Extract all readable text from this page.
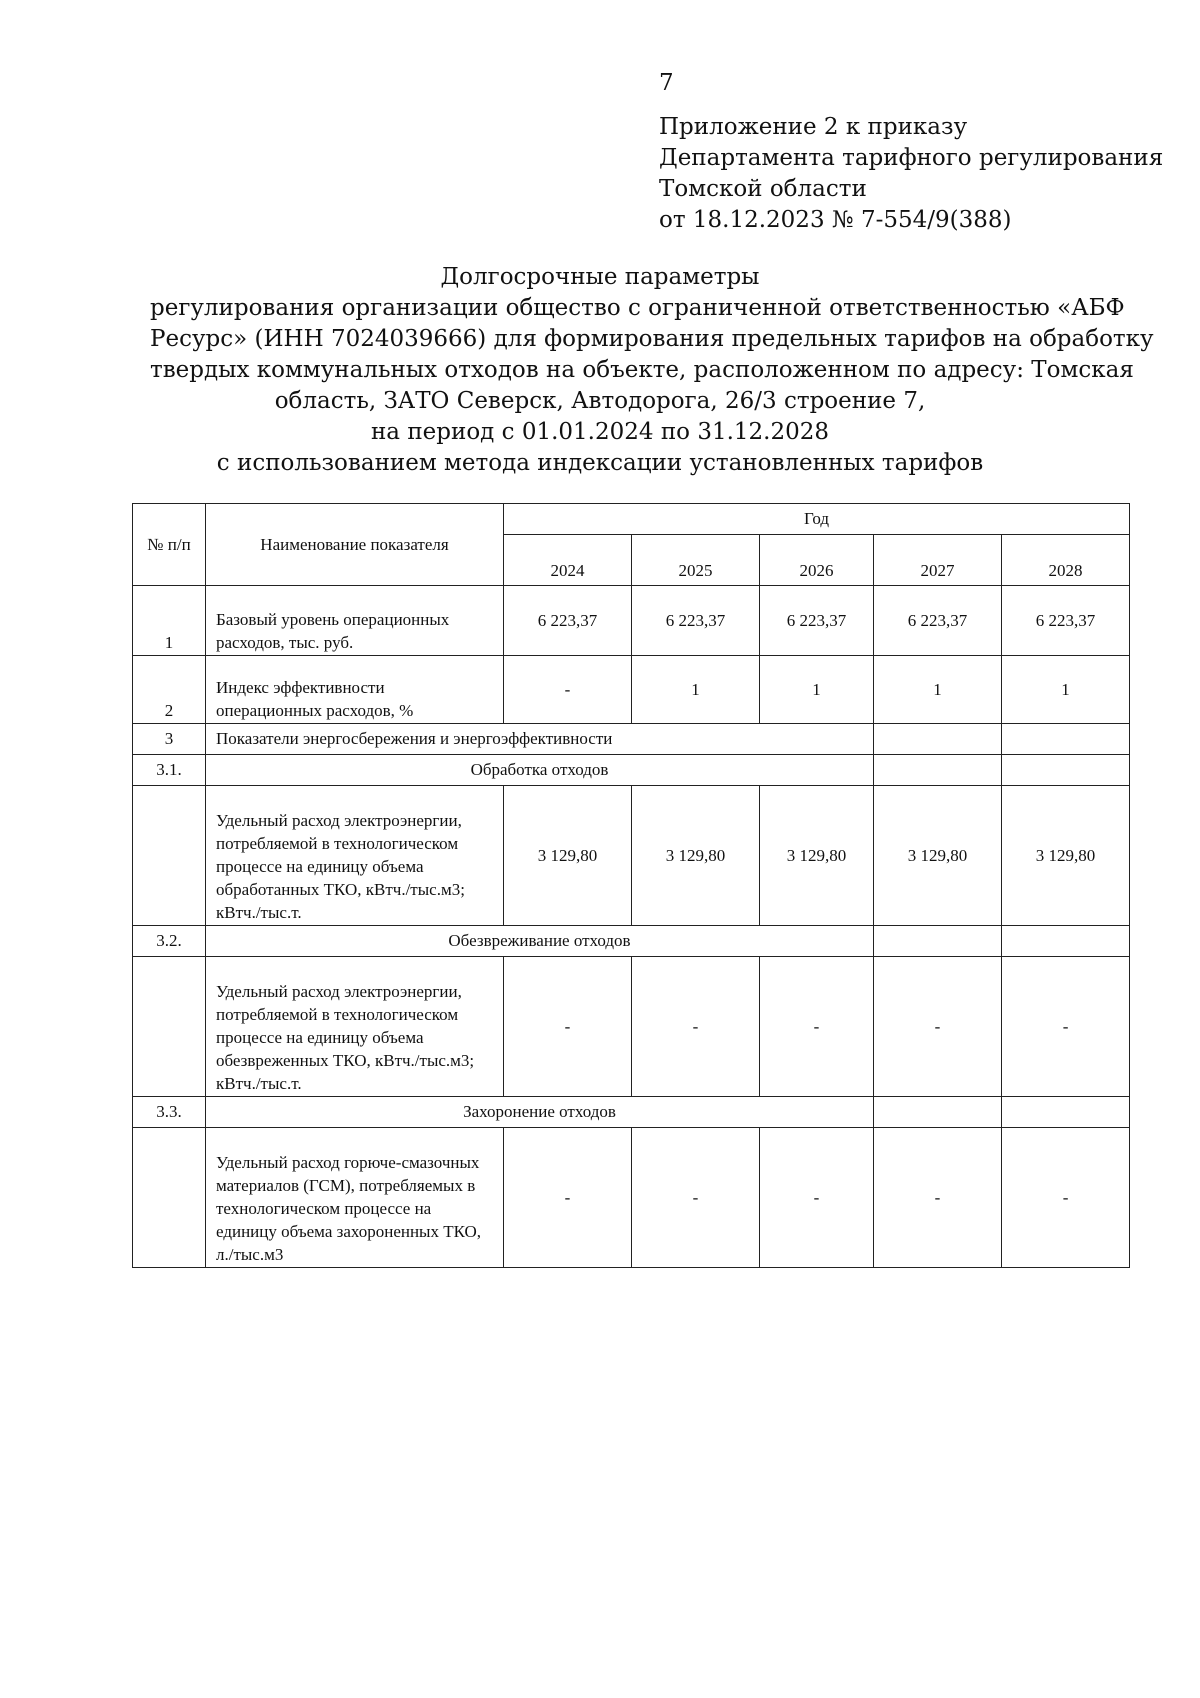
7
Приложение 2 к приказу
Департамента тарифного регулирования
Томской области
от 18.12.2023 № 7-554/9(388)
Долгосрочные параметры
регулирования организации общество с ограниченной ответственностью «АБФ
Ресурс» (ИНН 7024039666) для формирования предельных тарифов на обработку
твердых коммунальных отходов на объекте, расположенном по адресу: Томская
область, ЗАТО Северск, Автодорога, 26/3 строение 7,
на период с 01.01.2024 по 31.12.2028
с использованием метода индексации установленных тарифов
№ п/п	Наименование показателя	Год				
		2024	2025	2026	2027	2028
1	Базовый уровень операционных расходов, тыс. руб.	6 223,37	6 223,37	6 223,37	6 223,37	6 223,37
2	Индекс эффективности операционных расходов, %	-	1	1	1	1
3	Показатели энергосбережения и энергоэффективности					
3.1.	Обработка отходов					
	Удельный расход электроэнергии, потребляемой в технологическом процессе на единицу объема обработанных ТКО, кВтч./тыс.м3; кВтч./тыс.т.	3 129,80	3 129,80	3 129,80	3 129,80	3 129,80
3.2.	Обезвреживание отходов					
	Удельный расход электроэнергии, потребляемой в технологическом процессе на единицу объема обезвреженных ТКО, кВтч./тыс.м3; кВтч./тыс.т.	-	-	-	-	-
3.3.	Захоронение отходов					
	Удельный расход горюче-смазочных материалов (ГСМ), потребляемых в технологическом процессе на единицу объема захороненных ТКО, л./тыс.м3	-	-	-	-	-
